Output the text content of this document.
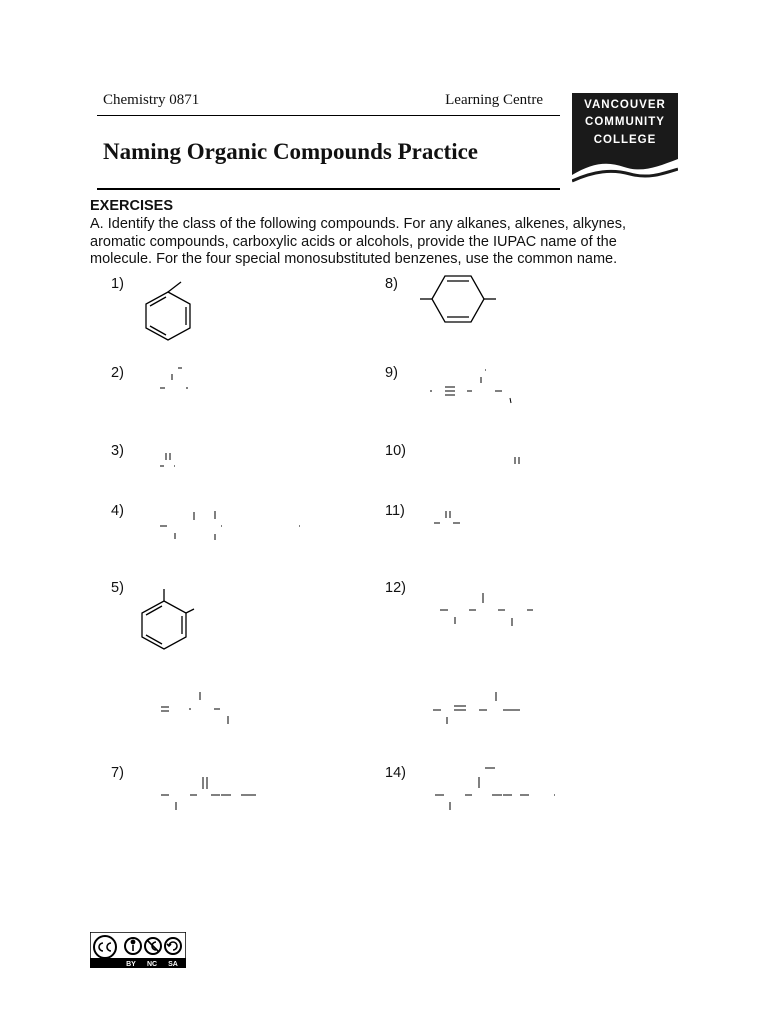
Chemistry 0871	Learning Centre
Naming Organic Compounds Practice
VANCOUVER
COMMUNITY
COLLEGE
EXERCISES
A. Identify the class of the following compounds. For any alkanes, alkenes, alkynes, aromatic compounds, carboxylic acids or alcohols, provide the IUPAC name of the molecule. For the four special monosubstituted benzenes, use the common name.
1)	8)
2)	9)
3)	10)
4)	11)
5)	12)
7)	14)
BY NC SA
